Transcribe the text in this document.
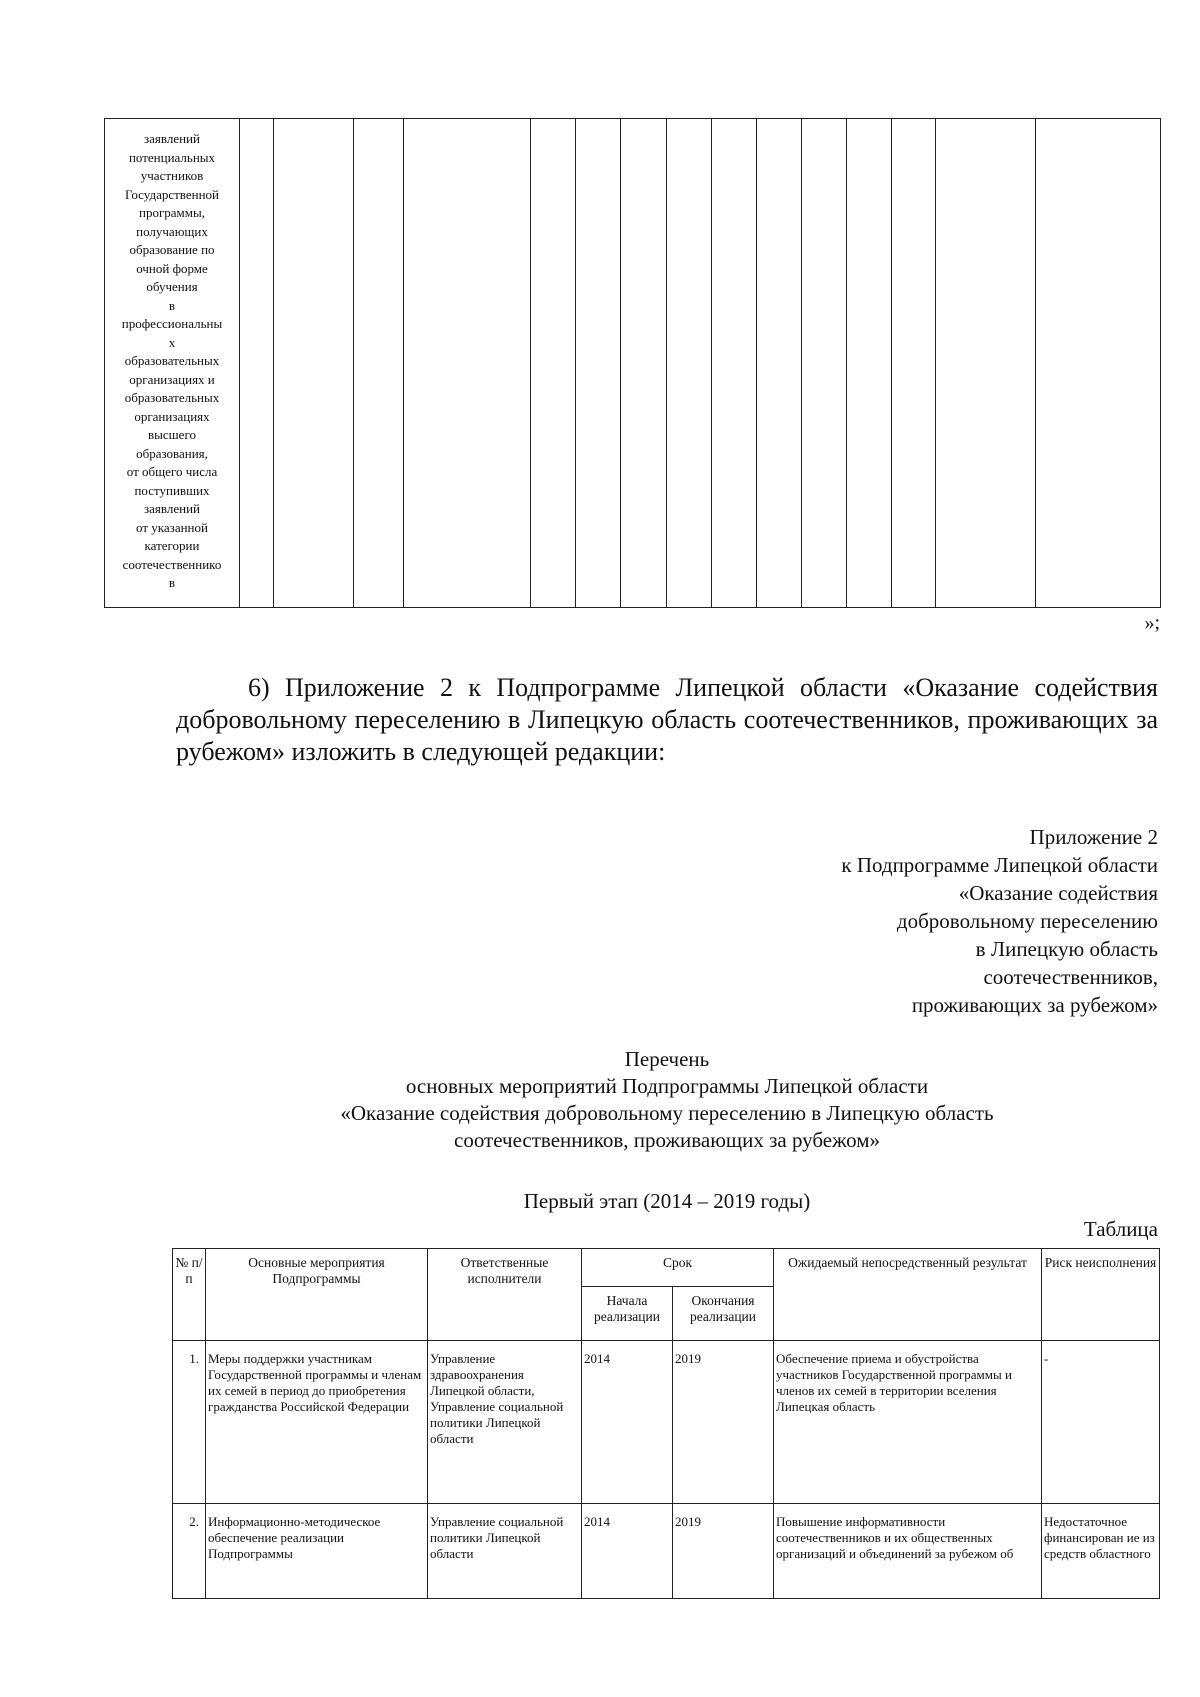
заявлений
потенциальных
участников
Государственной
программы,
получающих
образование по
очной форме
обучения
в
профессиональны
х
образовательных
организациях и
образовательных
организациях
высшего
образования,
от общего числа
поступивших
заявлений
от указанной
категории
соотечественнико
в

»;

6) Приложение 2 к Подпрограмме Липецкой области «Оказание содействия добровольному переселению в Липецкую область соотечественников, проживающих за рубежом» изложить в следующей редакции:

Приложение 2
к Подпрограмме Липецкой области
«Оказание содействия
добровольному переселению
в Липецкую область
соотечественников,
проживающих за рубежом»
Перечень
основных мероприятий Подпрограммы Липецкой области
«Оказание содействия добровольному переселению в Липецкую область
соотечественников, проживающих за рубежом»
Первый этап (2014 – 2019 годы)
Таблица
№ п/п	Основные мероприятия Подпрограммы	Ответственные исполнители	Срок		Ожидаемый непосредственный результат	Риск неисполнения
			Начала реализации	Окончания реализации		
1.	Меры поддержки участникам Государственной программы и членам их семей в период до приобретения гражданства Российской Федерации	Управление здравоохранения Липецкой области, Управление социальной политики Липецкой области	2014	2019	Обеспечение приема и обустройства участников Государственной программы и членов их семей в территории вселения Липецкая область	-
2.	Информационно-методическое обеспечение реализации Подпрограммы	Управление социальной политики Липецкой области	2014	2019	Повышение информативности соотечественников и их общественных организаций и объединений за рубежом об	Недостаточное финансирован ие из средств областного
